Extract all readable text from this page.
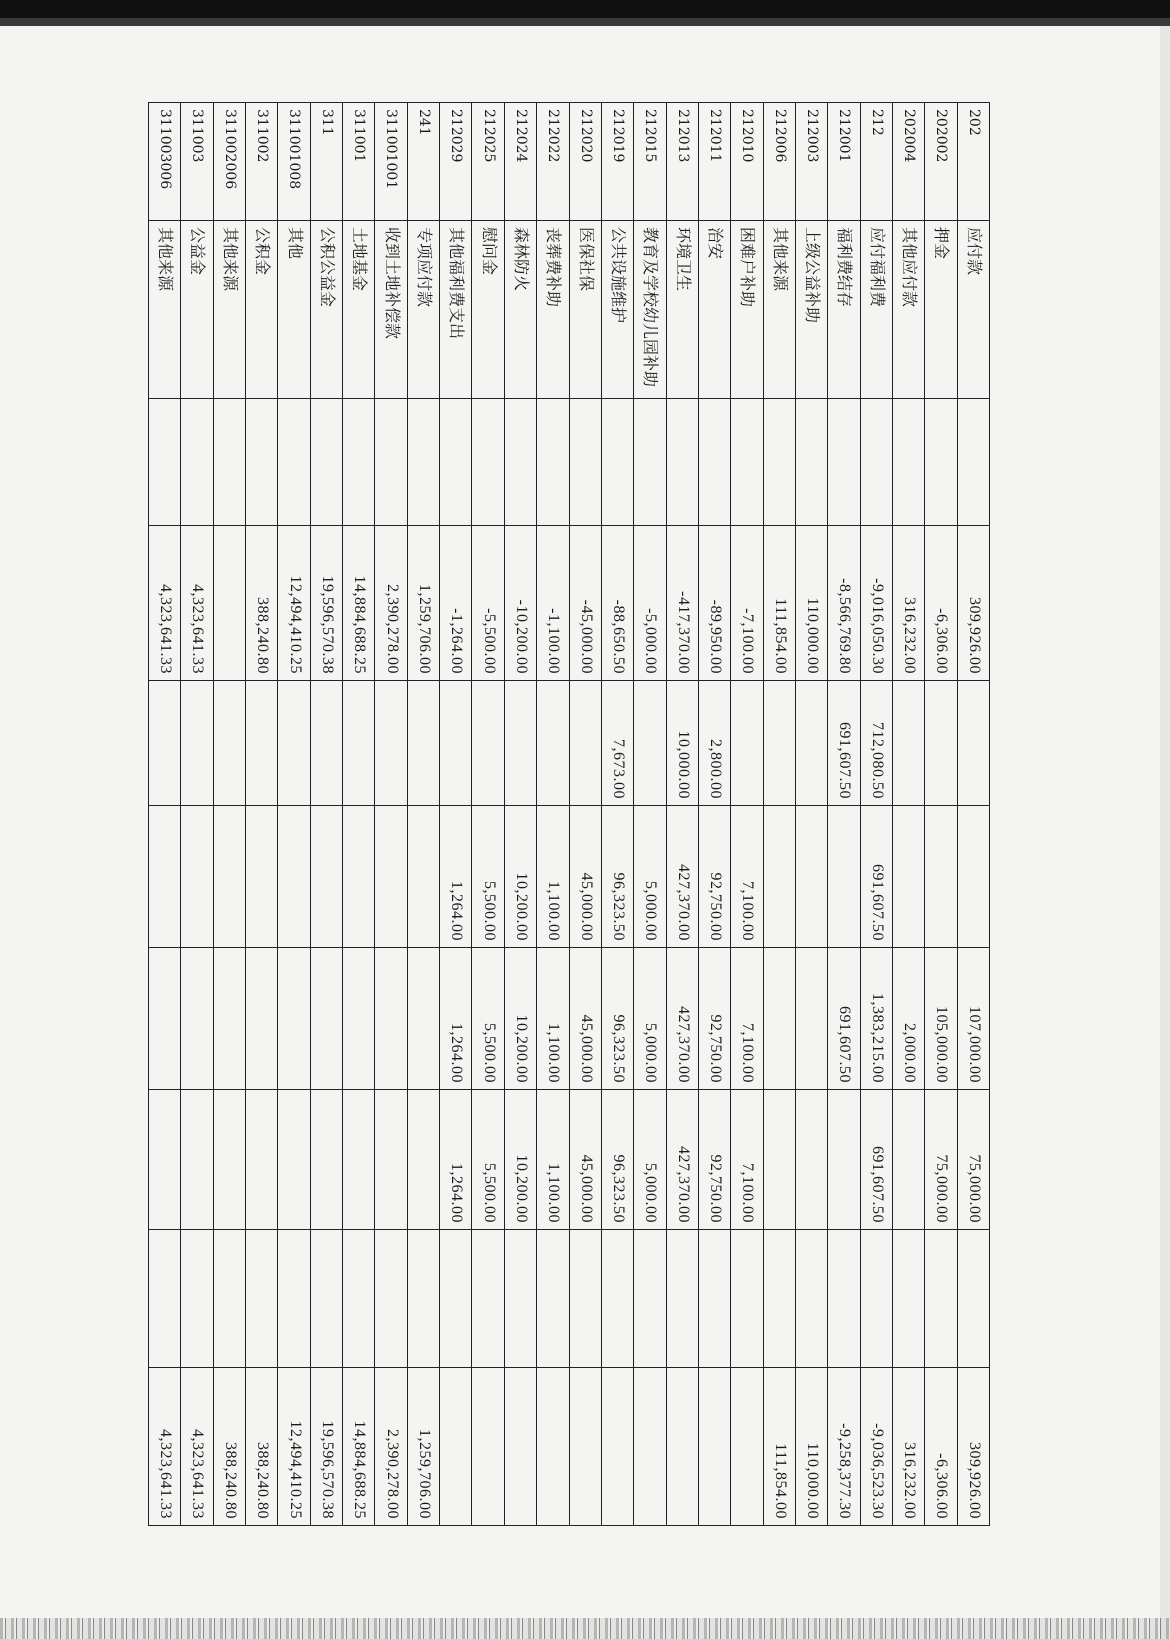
202	应付款		309,926.00			107,000.00	75,000.00		309,926.00
202002	押金		-6,306.00			105,000.00	75,000.00		-6,306.00
202004	其他应付款		316,232.00			2,000.00			316,232.00
212	应付福利费		-9,016,050.30	712,080.50	691,607.50	1,383,215.00	691,607.50		-9,036,523.30
212001	福利费结存		-8,566,769.80	691,607.50		691,607.50			-9,258,377.30
212003	上级公益补助		110,000.00						110,000.00
212006	其他来源		111,854.00						111,854.00
212010	困难户补助		-7,100.00		7,100.00	7,100.00	7,100.00		
212011	治安		-89,950.00	2,800.00	92,750.00	92,750.00	92,750.00		
212013	环境卫生		-417,370.00	10,000.00	427,370.00	427,370.00	427,370.00		
212015	教育及学校幼儿园补助		-5,000.00		5,000.00	5,000.00	5,000.00		
212019	公共设施维护		-88,650.50	7,673.00	96,323.50	96,323.50	96,323.50		
212020	医保社保		-45,000.00		45,000.00	45,000.00	45,000.00		
212022	丧葬费补助		-1,100.00		1,100.00	1,100.00	1,100.00		
212024	森林防火		-10,200.00		10,200.00	10,200.00	10,200.00		
212025	慰问金		-5,500.00		5,500.00	5,500.00	5,500.00		
212029	其他福利费支出		-1,264.00		1,264.00	1,264.00	1,264.00		
241	专项应付款		1,259,706.00						1,259,706.00
311001001	收到土地补偿款		2,390,278.00						2,390,278.00
311001	土地基金		14,884,688.25						14,884,688.25
311	公积公益金		19,596,570.38						19,596,570.38
311001008	其他		12,494,410.25						12,494,410.25
311002	公积金		388,240.80						388,240.80
311002006	其他来源								388,240.80
311003	公益金		4,323,641.33						4,323,641.33
311003006	其他来源		4,323,641.33						4,323,641.33
